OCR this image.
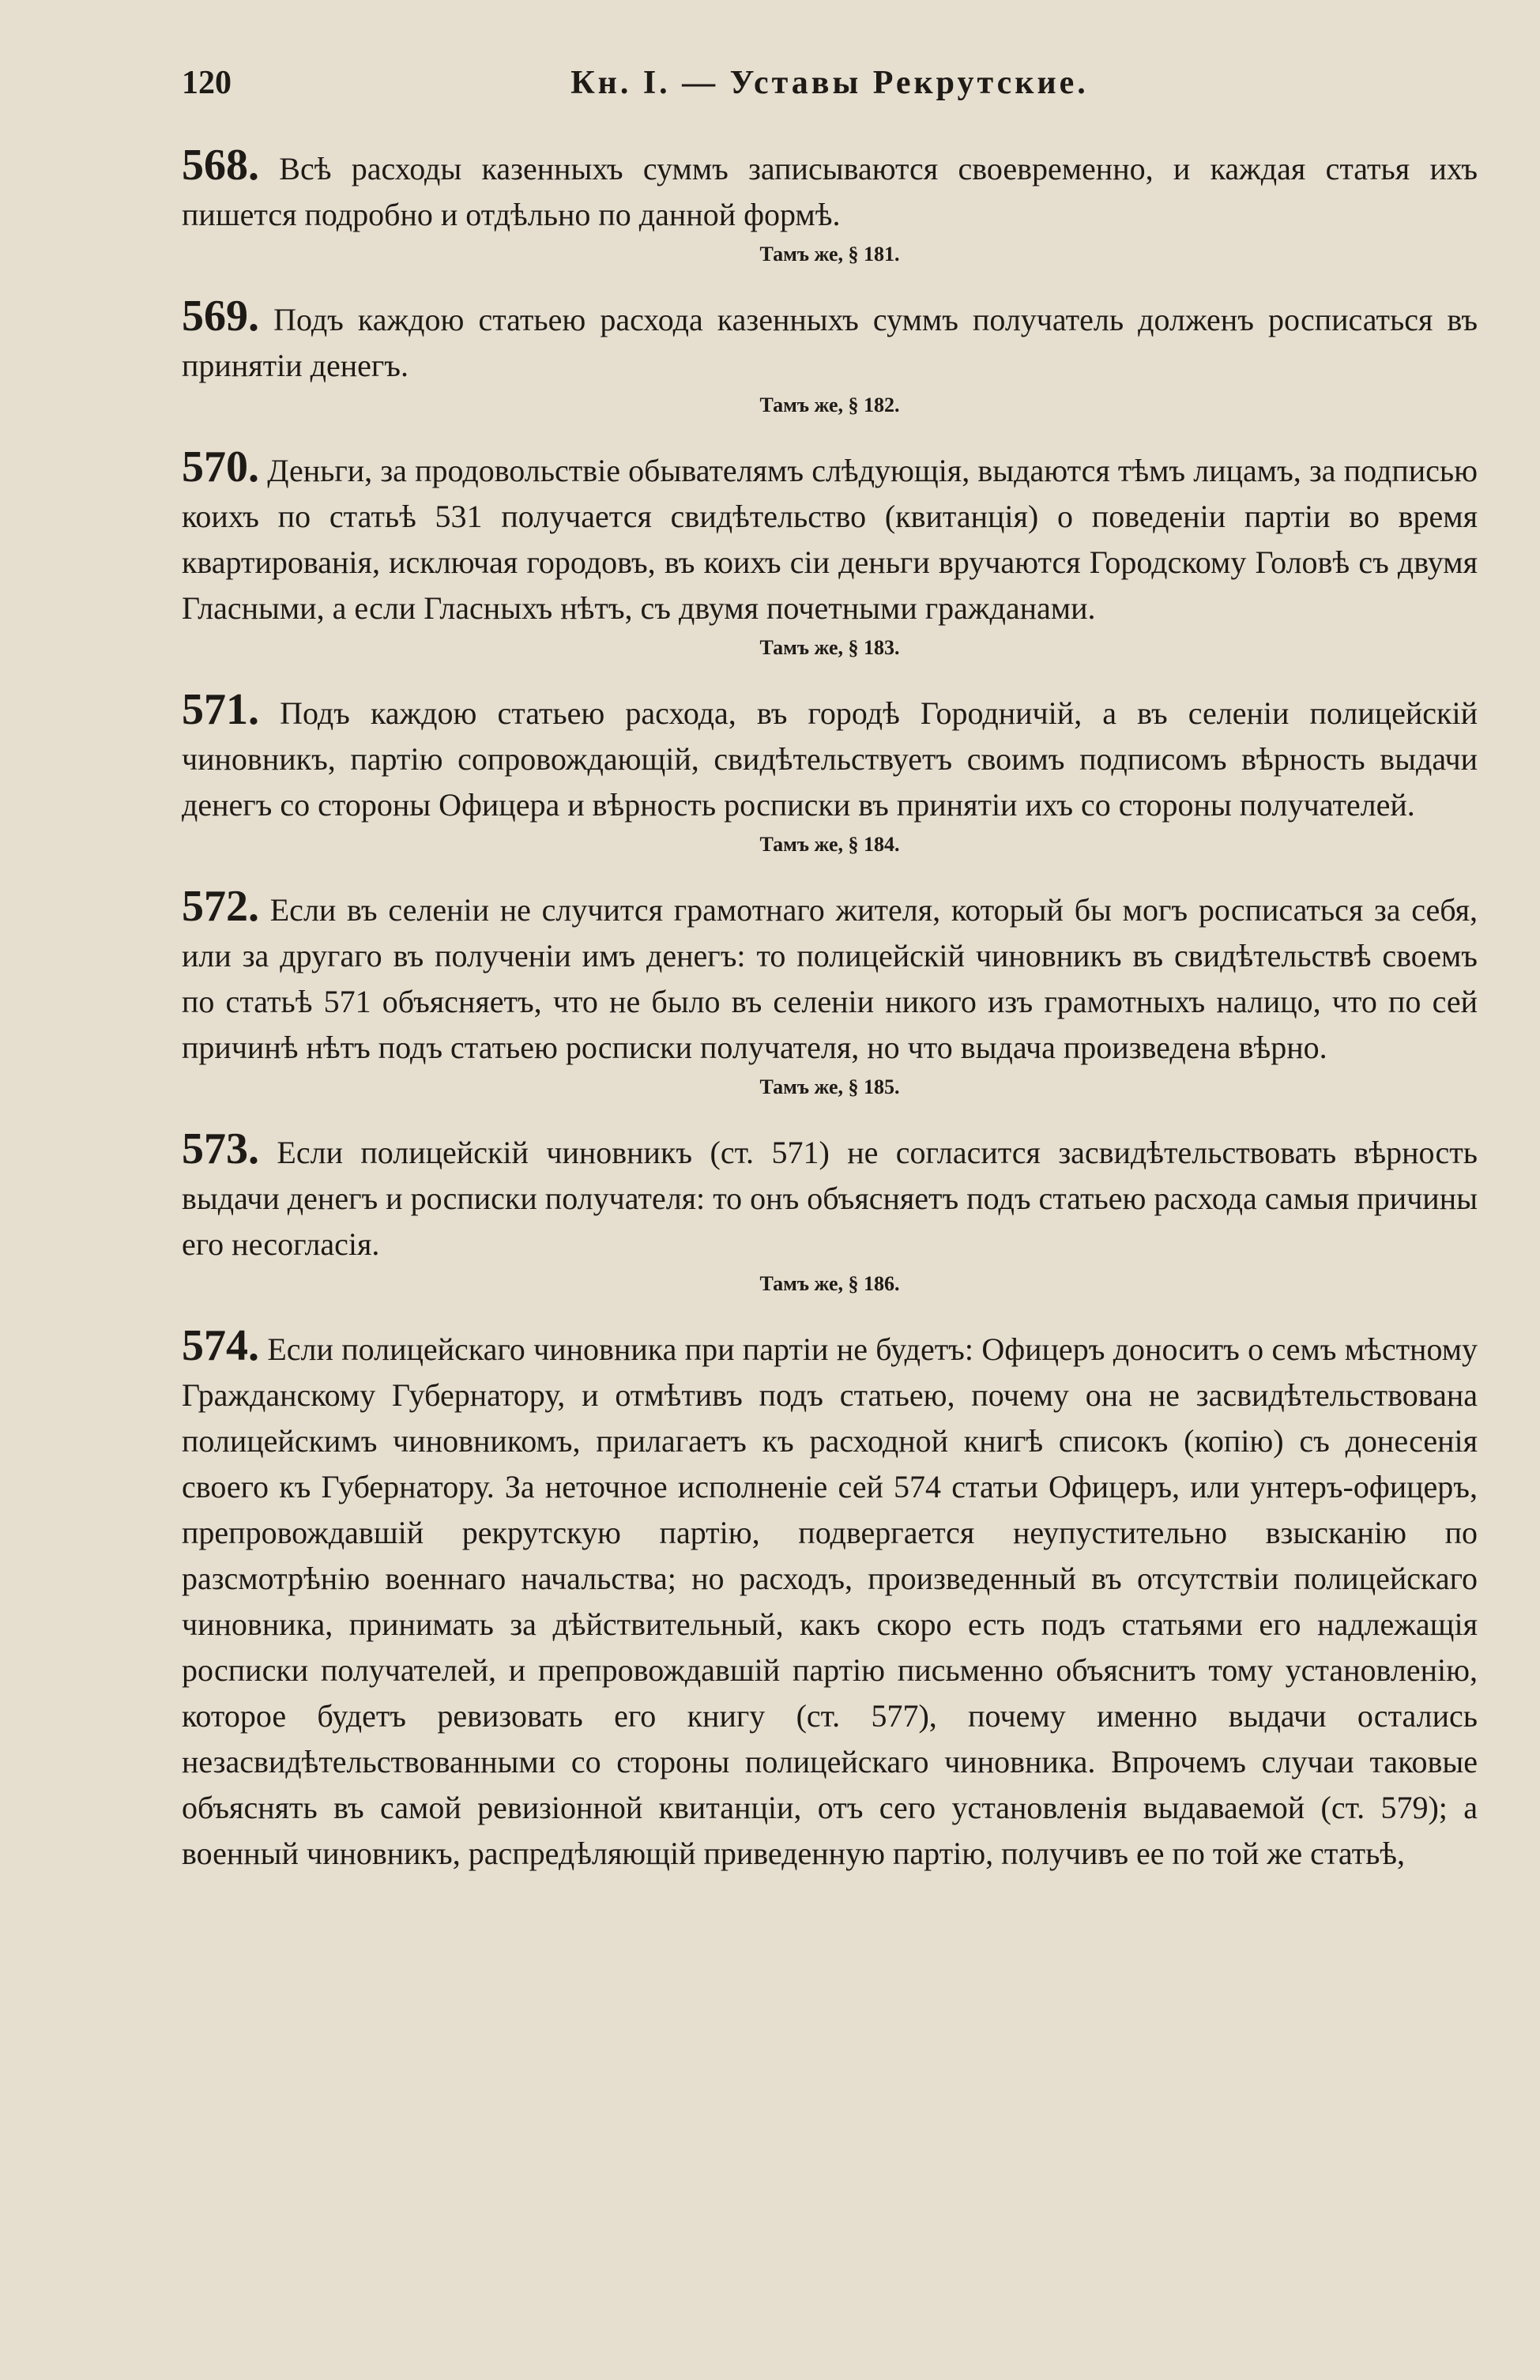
120	Кн. I. — Уставы Рекрутские.

568. Всѣ расходы казенныхъ суммъ записываются своевременно, и каждая статья ихъ пишется подробно и отдѣльно по данной формѣ.

Тамъ же, § 181.

569. Подъ каждою статьею расхода казенныхъ суммъ получатель долженъ росписаться въ принятіи денегъ.

Тамъ же, § 182.

570. Деньги, за продовольствіе обывателямъ слѣдующія, выдаются тѣмъ лицамъ, за подписью коихъ по статьѣ 531 получается свидѣтельство (квитанція) о поведеніи партіи во время квартированія, исключая городовъ, въ коихъ сіи деньги вручаются Городскому Головѣ съ двумя Гласными, а если Гласныхъ нѣтъ, съ двумя почетными гражданами.

Тамъ же, § 183.

571. Подъ каждою статьею расхода, въ городѣ Городничій, а въ селеніи полицейскій чиновникъ, партію сопровождающій, свидѣтельствуетъ своимъ подписомъ вѣрность выдачи денегъ со стороны Офицера и вѣрность росписки въ принятіи ихъ со стороны получателей.

Тамъ же, § 184.

572. Если въ селеніи не случится грамотнаго жителя, который бы могъ росписаться за себя, или за другаго въ полученіи имъ денегъ: то полицейскій чиновникъ въ свидѣтельствѣ своемъ по статьѣ 571 объясняетъ, что не было въ селеніи никого изъ грамотныхъ налицо, что по сей причинѣ нѣтъ подъ статьею росписки получателя, но что выдача произведена вѣрно.

Тамъ же, § 185.

573. Если полицейскій чиновникъ (ст. 571) не согласится засвидѣтельствовать вѣрность выдачи денегъ и росписки получателя: то онъ объясняетъ подъ статьею расхода самыя причины его несогласія.

Тамъ же, § 186.

574. Если полицейскаго чиновника при партіи не будетъ: Офицеръ доноситъ о семъ мѣстному Гражданскому Губернатору, и отмѣтивъ подъ статьею, почему она не засвидѣтельствована полицейскимъ чиновникомъ, прилагаетъ къ расходной книгѣ списокъ (копію) съ донесенія своего къ Губернатору. За неточное исполненіе сей 574 статьи Офицеръ, или унтеръ-офицеръ, препровождавшій рекрутскую партію, подвергается неупустительно взысканію по разсмотрѣнію военнаго начальства; но расходъ, произведенный въ отсутствіи полицейскаго чиновника, принимать за дѣйствительный, какъ скоро есть подъ статьями его надлежащія росписки получателей, и препровождавшій партію письменно объяснитъ тому установленію, которое будетъ ревизовать его книгу (ст. 577), почему именно выдачи остались незасвидѣтельствованными со стороны полицейскаго чиновника. Впрочемъ случаи таковые объяснять въ самой ревизіонной квитанціи, отъ сего установленія выдаваемой (ст. 579); а военный чиновникъ, распредѣляющій приведенную партію, получивъ ее по той же статьѣ,
